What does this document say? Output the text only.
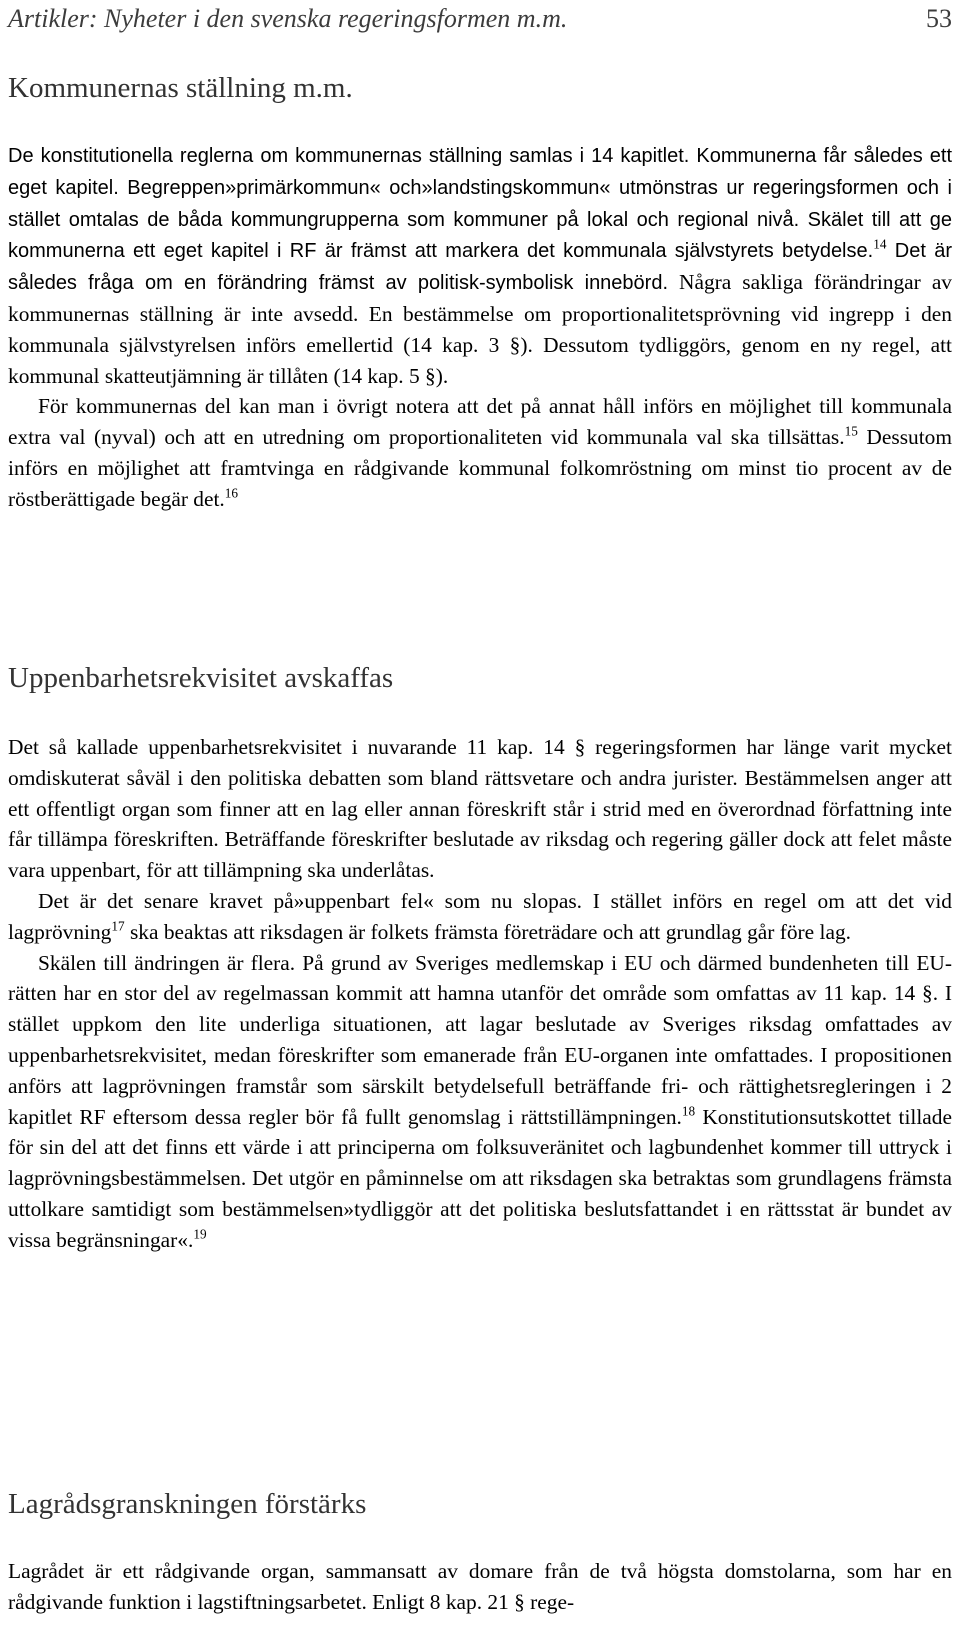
Artikler: Nyheter i den svenska regeringsformen m.m.	53
Kommunernas ställning m.m.

De konstitutionella reglerna om kommunernas ställning samlas i 14 kapitlet. Kommunerna får således ett eget kapitel. Begreppen»primärkommun« och»landstingskommun« utmönstras ur regeringsformen och i stället omtalas de båda kommungrupperna som kommuner på lokal och regional nivå. Skälet till att ge kommunerna ett eget kapitel i RF är främst att markera det kommunala självstyrets betydelse.$^{14}$ Det är således fråga om en förändring främst av politisk-symbolisk innebörd. Några sakliga förändringar av kommunernas ställning är inte avsedd. En bestämmelse om proportionalitetsprövning vid ingrepp i den kommunala självstyrelsen införs emellertid (14 kap. 3 §). Dessutom tydliggörs, genom en ny regel, att kommunal skatteutjämning är tillåten (14 kap. 5 §).

För kommunernas del kan man i övrigt notera att det på annat håll införs en möjlighet till kommunala extra val (nyval) och att en utredning om proportionaliteten vid kommunala val ska tillsättas.$^{15}$ Dessutom införs en möjlighet att framtvinga en rådgivande kommunal folkomröstning om minst tio procent av de röstberättigade begär det.$^{16}$

Uppenbarhetsrekvisitet avskaffas

Det så kallade uppenbarhetsrekvisitet i nuvarande 11 kap. 14 § regeringsformen har länge varit mycket omdiskuterat såväl i den politiska debatten som bland rättsvetare och andra jurister. Bestämmelsen anger att ett offentligt organ som finner att en lag eller annan föreskrift står i strid med en överordnad författning inte får tillämpa föreskriften. Beträffande föreskrifter beslutade av riksdag och regering gäller dock att felet måste vara uppenbart, för att tillämpning ska underlåtas.

Det är det senare kravet på»uppenbart fel« som nu slopas. I stället införs en regel om att det vid lagprövning$^{17}$ ska beaktas att riksdagen är folkets främsta företrädare och att grundlag går före lag.

Skälen till ändringen är flera. På grund av Sveriges medlemskap i EU och därmed bundenheten till EU-rätten har en stor del av regelmassan kommit att hamna utanför det område som omfattas av 11 kap. 14 §. I stället uppkom den lite underliga situationen, att lagar beslutade av Sveriges riksdag omfattades av uppenbarhetsrekvisitet, medan föreskrifter som emanerade från EU-organen inte omfattades. I propositionen anförs att lagprövningen framstår som särskilt betydelsefull beträffande fri- och rättighetsregleringen i 2 kapitlet RF eftersom dessa regler bör få fullt genomslag i rättstillämpningen.$^{18}$ Konstitutionsutskottet tillade för sin del att det finns ett värde i att principerna om folksuveränitet och lagbundenhet kommer till uttryck i lagprövningsbestämmelsen. Det utgör en påminnelse om att riksdagen ska betraktas som grundlagens främsta uttolkare samtidigt som bestämmelsen»tydliggör att det politiska beslutsfattandet i en rättsstat är bundet av vissa begränsningar«.$^{19}$

Lagrådsgranskningen förstärks

Lagrådet är ett rådgivande organ, sammansatt av domare från de två högsta domstolarna, som har en rådgivande funktion i lagstiftningsarbetet. Enligt 8 kap. 21 § rege-
